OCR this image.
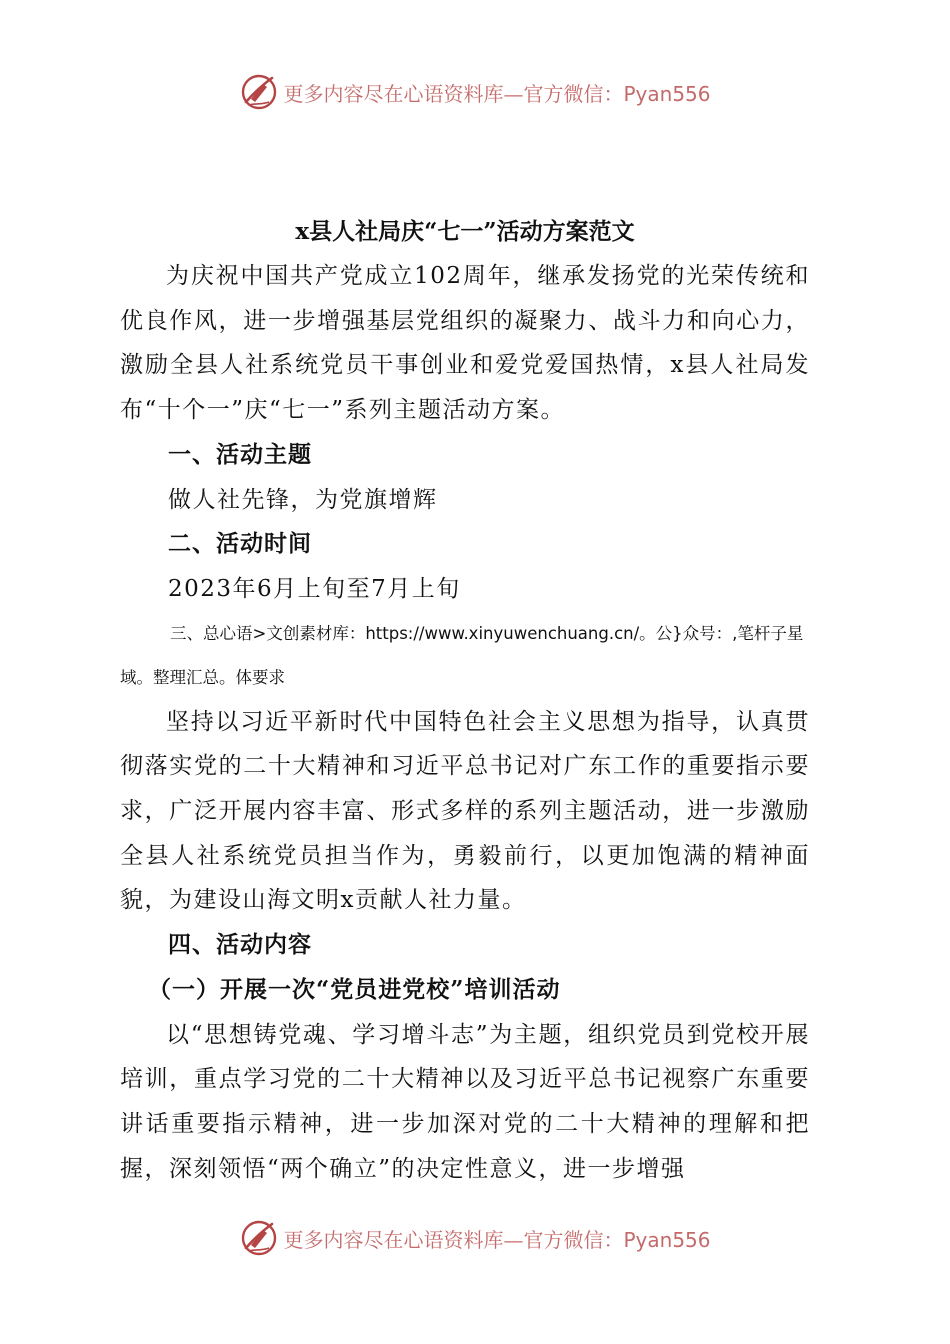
更多内容尽在心语资料库—官方微信：Pyan556

x县人社局庆“七一”活动方案范文

为庆祝中国共产党成立102周年，继承发扬党的光荣传统和优良作风，进一步增强基层党组织的凝聚力、战斗力和向心力，激励全县人社系统党员干事创业和爱党爱国热情，x县人社局发布“十个一”庆“七一”系列主题活动方案。

一、活动主题

做人社先锋，为党旗增辉

二、活动时间

2023年6月上旬至7月上旬

三、总心语>文创素材库：https://www.xinyuwenchuang.cn/。公}众号：,笔杆子星域。整理汇总。体要求

坚持以习近平新时代中国特色社会主义思想为指导，认真贯彻落实党的二十大精神和习近平总书记对广东工作的重要指示要求，广泛开展内容丰富、形式多样的系列主题活动，进一步激励全县人社系统党员担当作为，勇毅前行，以更加饱满的精神面貌，为建设山海文明x贡献人社力量。

四、活动内容

（一）开展一次“党员进党校”培训活动

以“思想铸党魂、学习增斗志”为主题，组织党员到党校开展培训，重点学习党的二十大精神以及习近平总书记视察广东重要讲话重要指示精神，进一步加深对党的二十大精神的理解和把握，深刻领悟“两个确立”的决定性意义，进一步增强

更多内容尽在心语资料库—官方微信：Pyan556
